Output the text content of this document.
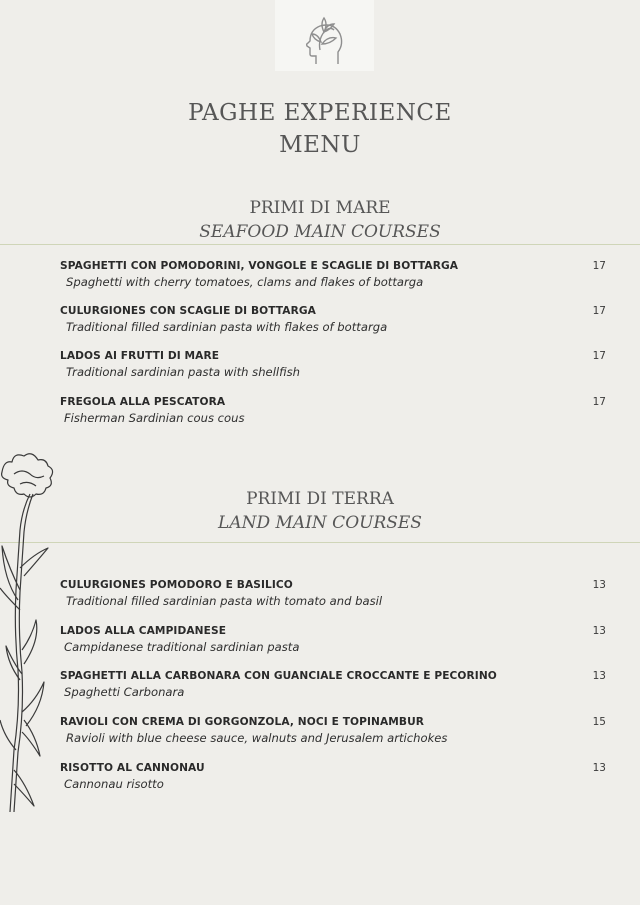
PAGHE EXPERIENCE
MENU
PRIMI DI MARE
SEAFOOD MAIN COURSES
SPAGHETTI CON POMODORINI, VONGOLE E SCAGLIE DI BOTTARGA
Spaghetti with cherry tomatoes, clams and flakes of bottarga
17
CULURGIONES CON SCAGLIE DI BOTTARGA
Traditional filled sardinian pasta with flakes of bottarga
17
LADOS AI FRUTTI DI MARE
Traditional sardinian pasta with shellfish
17
FREGOLA ALLA PESCATORA
Fisherman Sardinian cous cous
17
PRIMI DI TERRA
LAND MAIN COURSES
CULURGIONES POMODORO E BASILICO
Traditional filled sardinian pasta with tomato and basil
13
LADOS ALLA CAMPIDANESE
Campidanese traditional sardinian pasta
13
SPAGHETTI ALLA CARBONARA CON GUANCIALE CROCCANTE E PECORINO
Spaghetti Carbonara
13
RAVIOLI CON CREMA DI GORGONZOLA, NOCI E TOPINAMBUR
Ravioli with blue cheese sauce, walnuts and Jerusalem artichokes
15
RISOTTO AL CANNONAU
Cannonau risotto
13
